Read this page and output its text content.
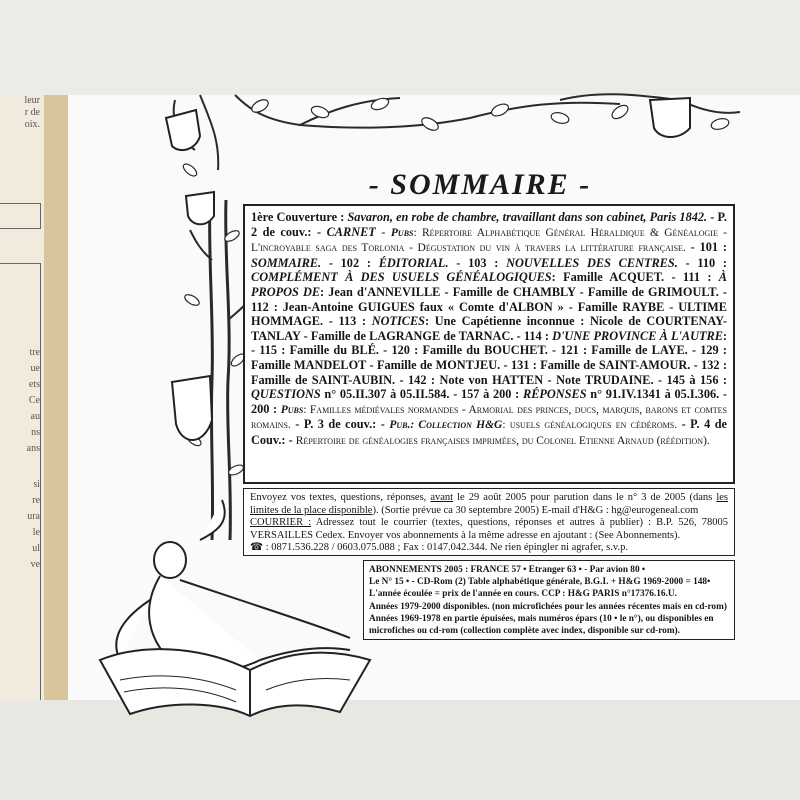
leur
r de
oix.
tre
ue
ets
Ce
au
ns
ans
si
re
ura
le
ul
ve
- SOMMAIRE -
1ère Couverture : Savaron, en robe de chambre, travaillant dans son cabinet, Paris 1842. - P. 2 de couv.: - CARNET - Pubs: Répertoire Alphabétique Général Héraldique & Généalogie - L'incroyable saga des Torlonia - Dégustation du vin à travers la littérature française. - 101 : SOMMAIRE. - 102 : ÉDITORIAL. - 103 : NOUVELLES DES CENTRES. - 110 : COMPLÉMENT À DES USUELS GÉNÉALOGIQUES: Famille ACQUET. - 111 : À PROPOS DE: Jean d'ANNEVILLE - Famille de CHAMBLY - Famille de GRIMOULT. - 112 : Jean-Antoine GUIGUES faux « Comte d'ALBON » - Famille RAYBE - ULTIME HOMMAGE. - 113 : NOTICES: Une Capétienne inconnue : Nicole de COURTENAY-TANLAY - Famille de LAGRANGE de TARNAC. - 114 : D'UNE PROVINCE À L'AUTRE: - 115 : Famille du BLÉ. - 120 : Famille du BOUCHET. - 121 : Famille de LAYE. - 129 : Famille MANDELOT - Famille de MONTJEU. - 131 : Famille de SAINT-AMOUR. - 132 : Famille de SAINT-AUBIN. - 142 : Note von HATTEN - Note TRUDAINE. - 145 à 156 : QUESTIONS n° 05.II.307 à 05.II.584. - 157 à 200 : RÉPONSES n° 91.IV.1341 à 05.I.306. - 200 : Pubs: Familles médiévales normandes - Armorial des princes, ducs, marquis, barons et comtes romains. - P. 3 de couv.: - Pub.: Collection H&G: usuels généalogiques en cédéroms. - P. 4 de Couv.: - Répertoire de généalogies françaises imprimées, du Colonel Etienne Arnaud (réédition).
Envoyez vos textes, questions, réponses, avant le 29 août 2005 pour parution dans le n° 3 de 2005 (dans les limites de la place disponible). (Sortie prévue ca 30 septembre 2005) E-mail d'H&G : hg@eurogeneal.com
COURRIER : Adressez tout le courrier (textes, questions, réponses et autres à publier) : B.P. 526, 78005 VERSAILLES Cedex. Envoyer vos abonnements à la même adresse en ajoutant : (See Abonnements).
☎ : 0871.536.228 / 0603.075.088 ; Fax : 0147.042.344. Ne rien épingler ni agrafer, s.v.p.
ABONNEMENTS 2005 : FRANCE 57 • Etranger 63 • - Par avion 80 •
Le N° 15 • - CD-Rom (2) Table alphabétique générale, B.G.I. + H&G 1969-2000 = 148•
L'année écoulée = prix de l'année en cours. CCP : H&G PARIS n°17376.16.U.
Années 1979-2000 disponibles. (non microfichées pour les années récentes mais en cd-rom)
Années 1969-1978 en partie épuisées, mais numéros épars (10 • le n°), ou disponibles en
microfiches ou cd-rom (collection complète avec index, disponible sur cd-rom).
